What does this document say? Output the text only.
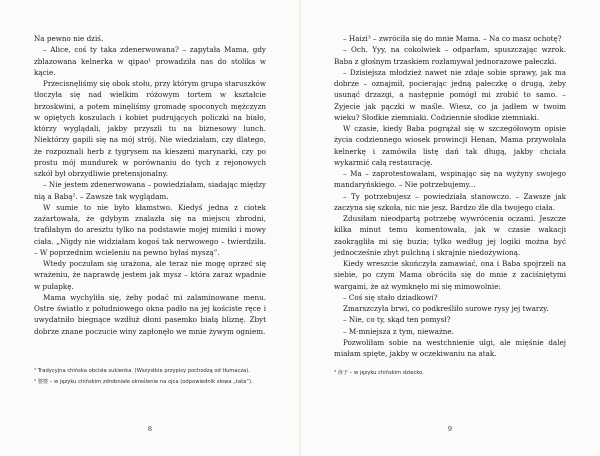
Na pewno nie dziś.

– Alice, coś ty taka zdenerwowana? – zapytała Mama, gdy zblazowana kelnerka w qipao¹ prowadziła nas do stolika w kącie.

Przecisnęliśmy się obok stołu, przy którym grupa staruszków tłoczyła się nad wielkim różowym tortem w kształcie brzoskwini, a potem minęliśmy gromadę spoconych mężczyzn w opiętych koszulach i kobiet pudrujących policzki na biało, którzy wyglądali, jakby przyszli tu na biznesowy lunch. Niektórzy gapili się na mój strój. Nie wiedziałam, czy dlatego, że rozpoznali herb z tygrysem na kieszeni marynarki, czy po prostu mój mundurek w porównaniu do tych z rejonowych szkół był obrzydliwie pretensjonalny.

– Nie jestem zdenerwowana – powiedziałam, siadając między nią a Babą². – Zawsze tak wyglądam.

W sumie to nie było kłamstwo. Kiedyś jedna z ciotek zażartowała, że gdybym znalazła się na miejscu zbrodni, trafiłabym do aresztu tylko na podstawie mojej mimiki i mowy ciała. „Nigdy nie widziałam kogoś tak nerwowego – twierdziła. – W poprzednim wcieleniu na pewno byłaś myszą”.

Wtedy poczułam się urażona, ale teraz nie mogę oprzeć się wrażeniu, że naprawdę jestem jak mysz – która zaraz wpadnie w pułapkę.

Mama wychyliła się, żeby podać mi zalaminowane menu. Ostre światło z południowego okna padło na jej kościste ręce i uwydatniło biegnące wzdłuż dłoni pasemko białą bliznę. Zbyt dobrze znane poczucie winy zapłonęło we mnie żywym ogniem.

¹ Tradycyjna chińska obcisła sukienka. (Wszystkie przypisy pochodzą od tłumacza).

² 婆婆 – w języku chińskim zdrobniałe określenie na ojca (odpowiednik słowa „tata”).

8

– Haizi³ – zwróciła się do mnie Mama. – Na co masz ochotę?

– Och. Yyy, na cokolwiek – odparłam, spuszczając wzrok. Baba z głośnym trzaskiem rozłamywał jednorazowe pałeczki.

– Dzisiejsza młodzież nawet nie zdaje sobie sprawy, jak ma dobrze – oznajmił, pocierając jedną pałeczkę o drugą, żeby usunąć drzazgi, a następnie pomógł mi zrobić to samo. – Zyjecie jak pączki w maśle. Wiesz, co ja jadłem w twoim wieku? Słodkie ziemniaki. Codziennie słodkie ziemniaki.

W czasie, kiedy Baba pogrążał się w szczegółowym opisie życia codziennego wiosek prowincji Henan, Mama przywołała kelnerkę i zamówiła listę dań tak długą, jakby chciała wykarmić całą restaurację.

– Ma – zaprotestowałam, wspinając się na wyżyny swojego mandaryńskiego. – Nie potrzebujemy...

– Ty potrzebujesz – powiedziała stanowczo. – Zawsze jak zaczyna się szkoła, nic nie jesz. Bardzo źle dla twojego ciała.

Zdusiłam nieodpartą potrzebę wywrócenia oczami. Jeszcze kilka minut temu komentowała, jak w czasie wakacji zaokrągliła mi się buzia; tylko według jej logiki można być jednocześnie zbyt pulchną i skrajnie niedożywioną.

Kiedy wreszcie skończyła zamawiać, ona i Baba spojrzeli na siebie, po czym Mama obróciła się do mnie z zaciśniętymi wargami, że aż wymknęło mi się mimowolnie:

– Coś się stało dziadkowi?

Zmarszczyła brwi, co podkreśliło surowe rysy jej twarzy.

– Nie, co ty, skąd ten pomysł?

– M-mniejsza z tym, nieważne.

Pozwoliłam sobie na westchnienie ulgi, ale mięśnie dalej miałam spięte, jakby w oczekiwaniu na atak.

³ 孩子 – w języku chińskim dziecko.

9
